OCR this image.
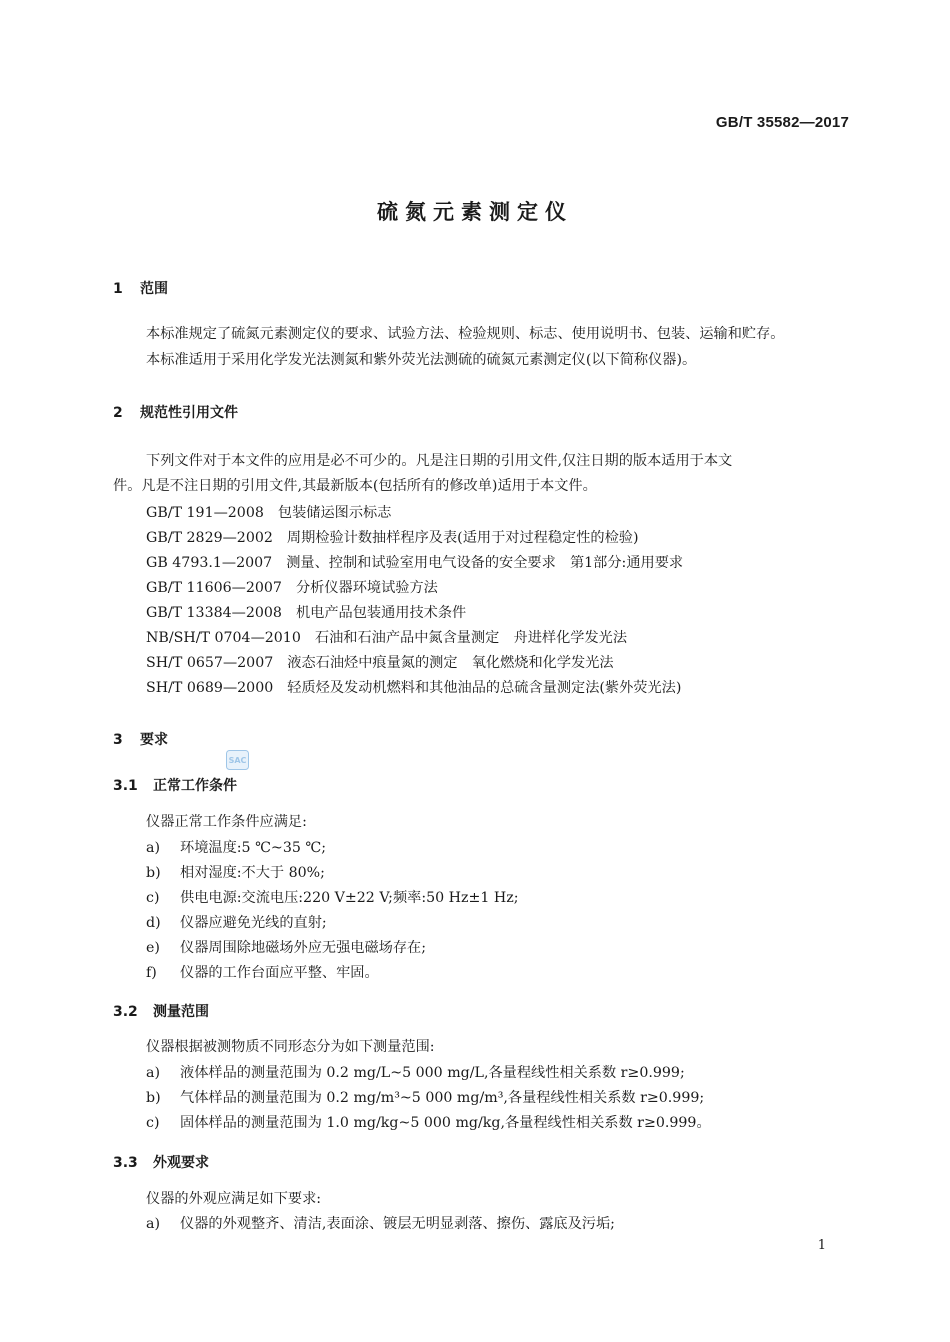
GB/T 35582—2017
硫氮元素测定仪
1 范围
本标准规定了硫氮元素测定仪的要求、试验方法、检验规则、标志、使用说明书、包装、运输和贮存。
本标准适用于采用化学发光法测氮和紫外荧光法测硫的硫氮元素测定仪(以下简称仪器)。
2 规范性引用文件
下列文件对于本文件的应用是必不可少的。凡是注日期的引用文件,仅注日期的版本适用于本文
件。凡是不注日期的引用文件,其最新版本(包括所有的修改单)适用于本文件。
GB/T 191—2008 包装储运图示标志
GB/T 2829—2002 周期检验计数抽样程序及表(适用于对过程稳定性的检验)
GB 4793.1—2007 测量、控制和试验室用电气设备的安全要求　第1部分:通用要求
GB/T 11606—2007 分析仪器环境试验方法
GB/T 13384—2008 机电产品包装通用技术条件
NB/SH/T 0704—2010 石油和石油产品中氮含量测定　舟进样化学发光法
SH/T 0657—2007 液态石油烃中痕量氮的测定　氧化燃烧和化学发光法
SH/T 0689—2000 轻质烃及发动机燃料和其他油品的总硫含量测定法(紫外荧光法)
3 要求
SAC
3.1 正常工作条件
仪器正常工作条件应满足:
a) 环境温度:5 ℃~35 ℃;
b) 相对湿度:不大于 80%;
c) 供电电源:交流电压:220 V±22 V;频率:50 Hz±1 Hz;
d) 仪器应避免光线的直射;
e) 仪器周围除地磁场外应无强电磁场存在;
f) 仪器的工作台面应平整、牢固。
3.2 测量范围
仪器根据被测物质不同形态分为如下测量范围:
a) 液体样品的测量范围为 0.2 mg/L~5 000 mg/L,各量程线性相关系数 r≥0.999;
b) 气体样品的测量范围为 0.2 mg/m³~5 000 mg/m³,各量程线性相关系数 r≥0.999;
c) 固体样品的测量范围为 1.0 mg/kg~5 000 mg/kg,各量程线性相关系数 r≥0.999。
3.3 外观要求
仪器的外观应满足如下要求:
a) 仪器的外观整齐、清洁,表面涂、镀层无明显剥落、擦伤、露底及污垢;
1
